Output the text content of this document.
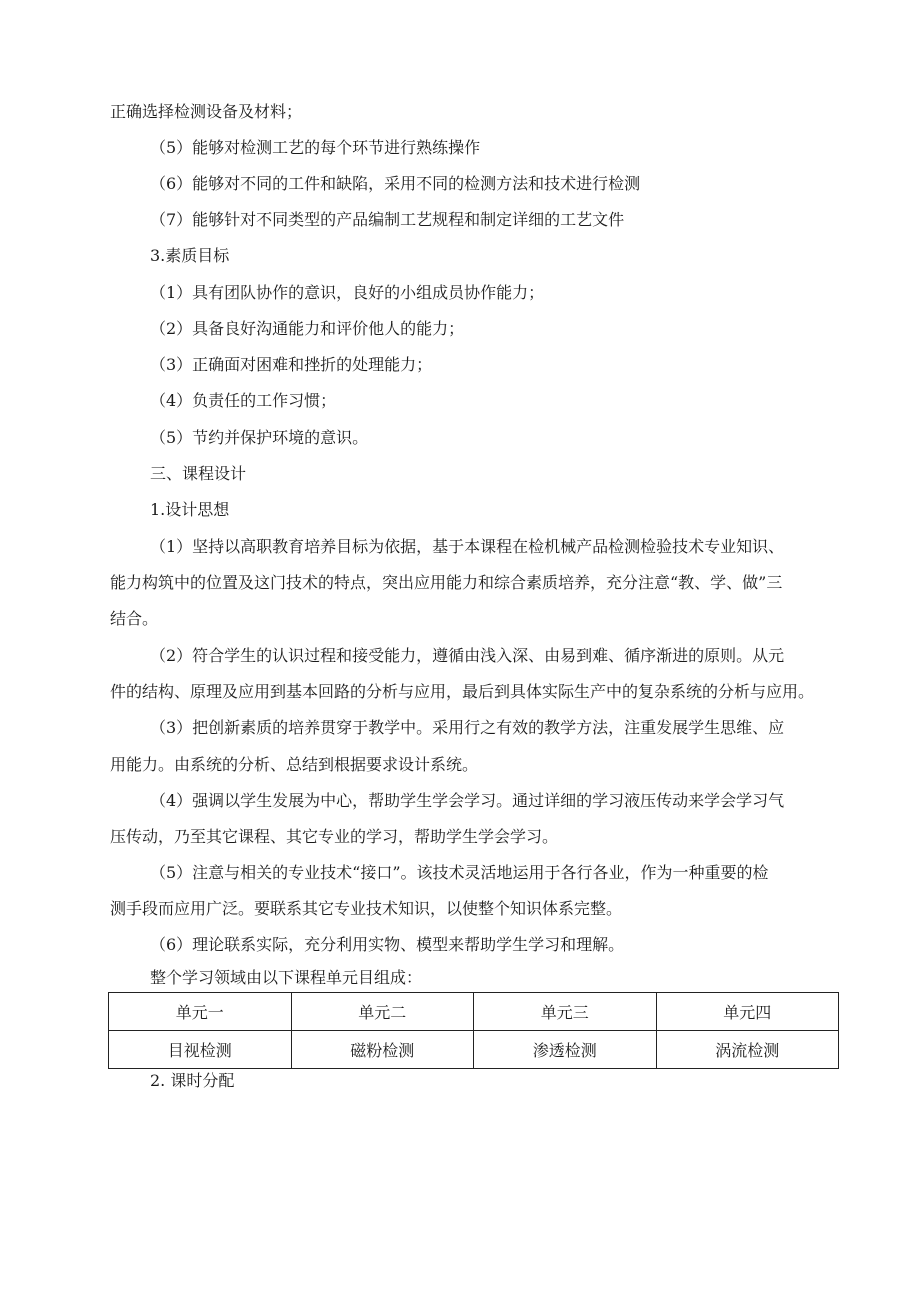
正确选择检测设备及材料；
（5）能够对检测工艺的每个环节进行熟练操作
（6）能够对不同的工件和缺陷，采用不同的检测方法和技术进行检测
（7）能够针对不同类型的产品编制工艺规程和制定详细的工艺文件
3.素质目标
（1）具有团队协作的意识，良好的小组成员协作能力；
（2）具备良好沟通能力和评价他人的能力；
（3）正确面对困难和挫折的处理能力；
（4）负责任的工作习惯；
（5）节约并保护环境的意识。
三、课程设计
1.设计思想
（1）坚持以高职教育培养目标为依据，基于本课程在检机械产品检测检验技术专业知识、
能力构筑中的位置及这门技术的特点，突出应用能力和综合素质培养，充分注意“教、学、做”三
结合。
（2）符合学生的认识过程和接受能力，遵循由浅入深、由易到难、循序渐进的原则。从元
件的结构、原理及应用到基本回路的分析与应用，最后到具体实际生产中的复杂系统的分析与应用。
（3）把创新素质的培养贯穿于教学中。采用行之有效的教学方法，注重发展学生思维、应
用能力。由系统的分析、总结到根据要求设计系统。
（4）强调以学生发展为中心，帮助学生学会学习。通过详细的学习液压传动来学会学习气
压传动，乃至其它课程、其它专业的学习，帮助学生学会学习。
（5）注意与相关的专业技术“接口”。该技术灵活地运用于各行各业，作为一种重要的检
测手段而应用广泛。要联系其它专业技术知识，以使整个知识体系完整。
（6）理论联系实际，充分利用实物、模型来帮助学生学习和理解。
整个学习领域由以下课程单元目组成：
单元一	单元二	单元三	单元四
目视检测	磁粉检测	渗透检测	涡流检测
2. 课时分配
